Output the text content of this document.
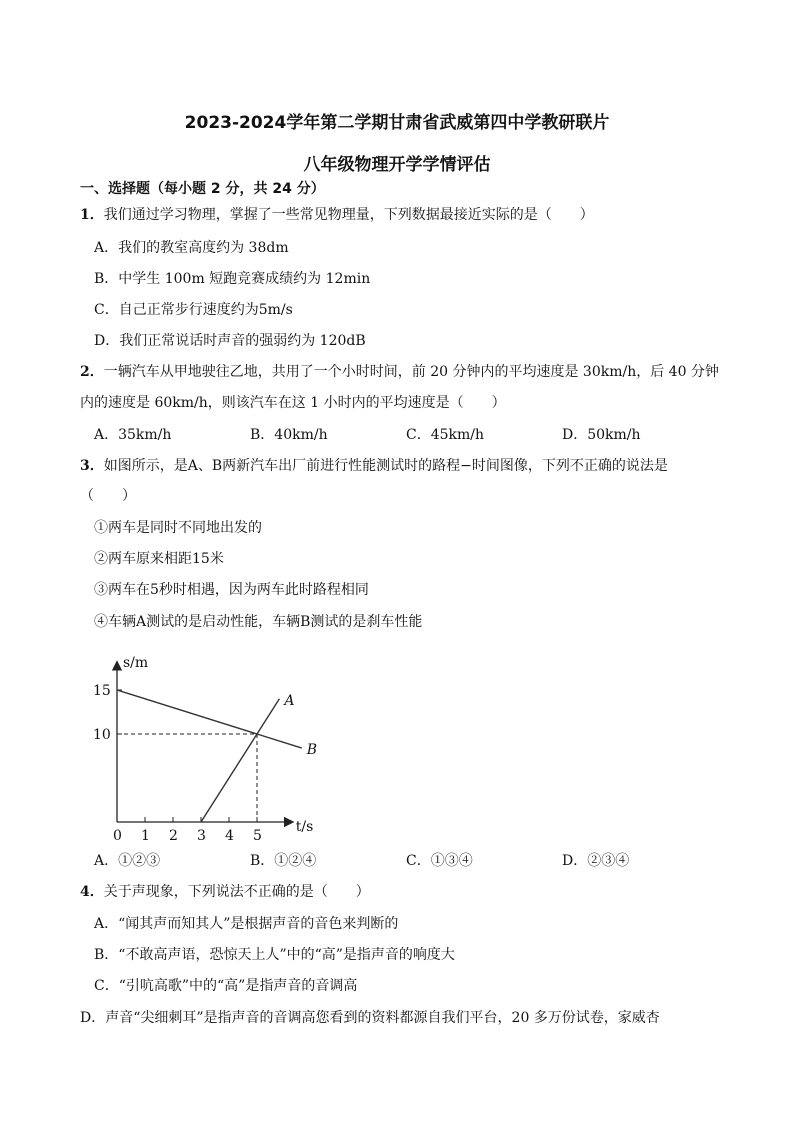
2023-2024学年第二学期甘肃省武威第四中学教研联片
八年级物理开学学情评估
一、选择题（每小题 2 分，共 24 分）
1．我们通过学习物理，掌握了一些常见物理量，下列数据最接近实际的是（　　）
A．我们的教室高度约为 38dm
B．中学生 100m 短跑竞赛成绩约为 12min
C．自己正常步行速度约为5m/s
D．我们正常说话时声音的强弱约为 120dB
2．一辆汽车从甲地驶往乙地，共用了一个小时时间，前 20 分钟内的平均速度是 30km/h，后 40 分钟
内的速度是 60km/h，则该汽车在这 1 小时内的平均速度是（　　）
A．35km/h	B．40km/h	C．45km/h	D．50km/h
3．如图所示，是A、B两新汽车出厂前进行性能测试时的路程−时间图像，下列不正确的说法是
（　　）
①两车是同时不同地出发的
②两车原来相距15米
③两车在5秒时相遇，因为两车此时路程相同
④车辆A测试的是启动性能，车辆B测试的是刹车性能
t/s
s/m
0 1 2 3 4 5
10
15
A
B
A．①②③	B．①②④	C．①③④	D．②③④
4．关于声现象，下列说法不正确的是（　　）
A．“闻其声而知其人”是根据声音的音色来判断的
B．“不敢高声语，恐惊天上人”中的“高”是指声音的响度大
C．“引吭高歌”中的“高”是指声音的音调高
D．声音“尖细刺耳”是指声音的音调高您看到的资料都源自我们平台，20 多万份试卷，家威杏
